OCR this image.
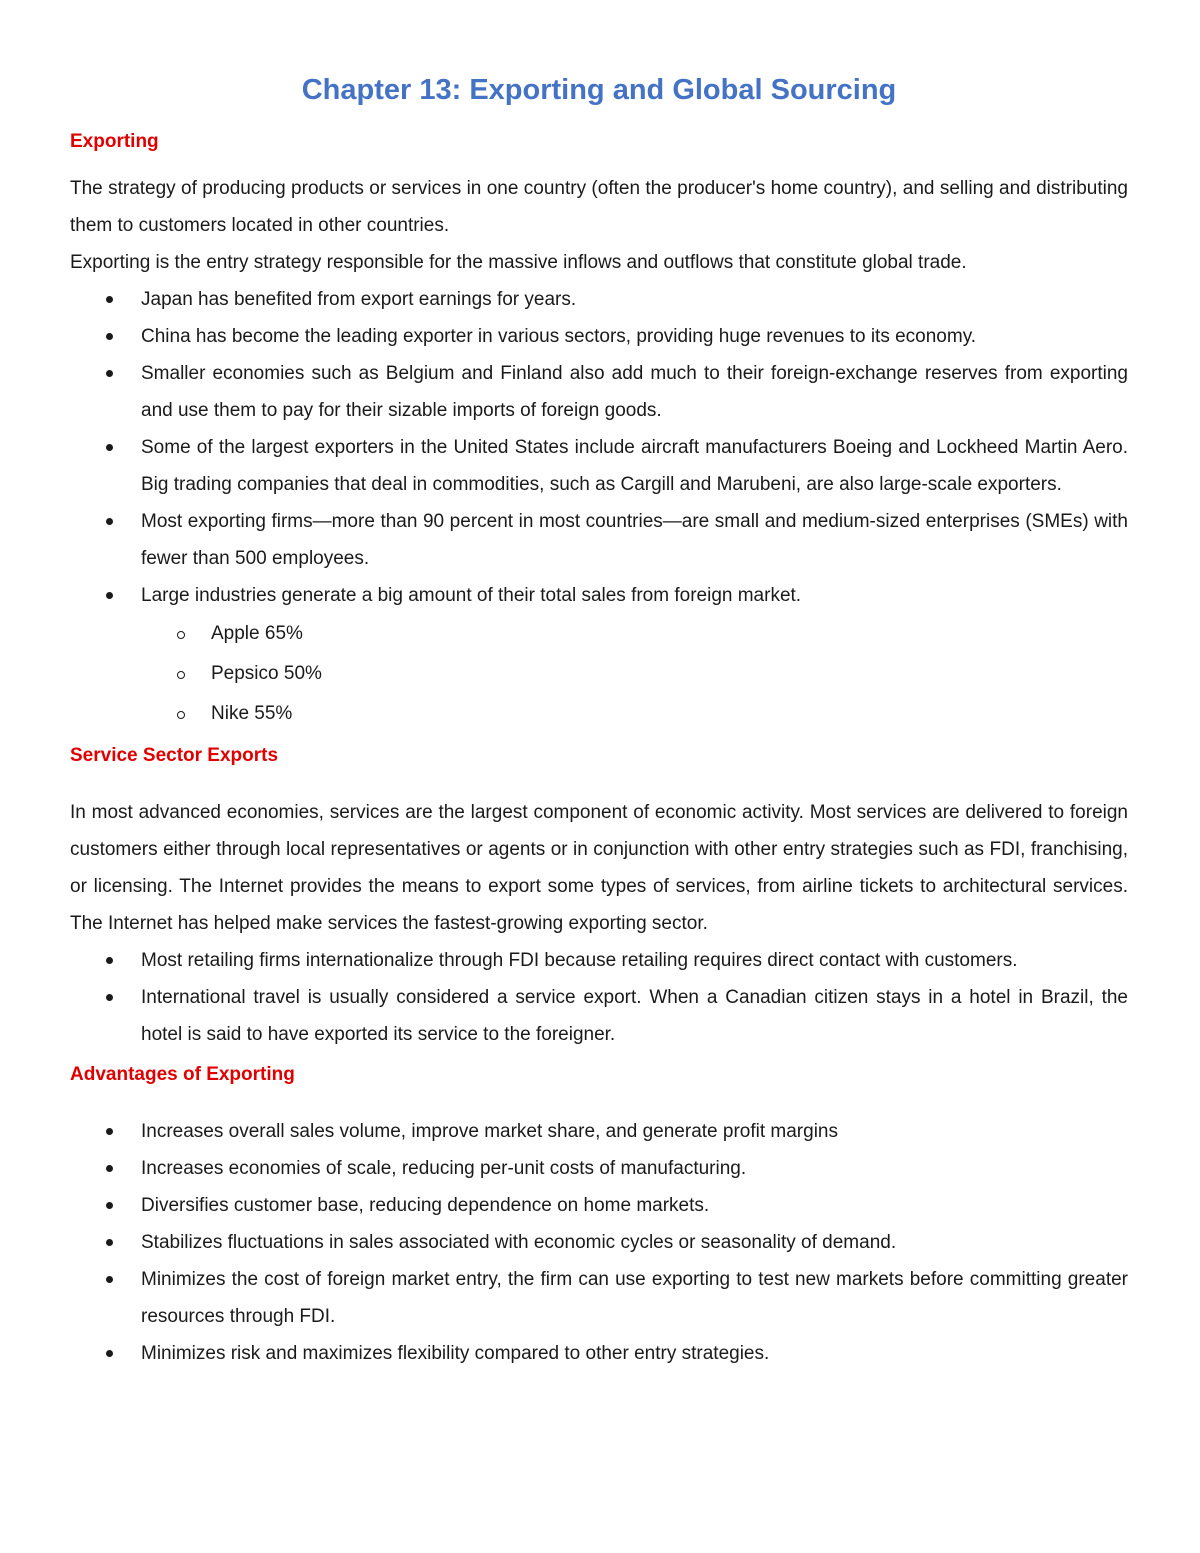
Chapter 13: Exporting and Global Sourcing
Exporting

The strategy of producing products or services in one country (often the producer's home country), and selling and distributing them to customers located in other countries.

Exporting is the entry strategy responsible for the massive inflows and outflows that constitute global trade.

Japan has benefited from export earnings for years.
China has become the leading exporter in various sectors, providing huge revenues to its economy.
Smaller economies such as Belgium and Finland also add much to their foreign-exchange reserves from exporting and use them to pay for their sizable imports of foreign goods.
Some of the largest exporters in the United States include aircraft manufacturers Boeing and Lockheed Martin Aero. Big trading companies that deal in commodities, such as Cargill and Marubeni, are also large-scale exporters.
Most exporting firms—more than 90 percent in most countries—are small and medium-sized enterprises (SMEs) with fewer than 500 employees.
Large industries generate a big amount of their total sales from foreign market.
Apple 65%
Pepsico 50%
Nike 55%
Service Sector Exports

In most advanced economies, services are the largest component of economic activity. Most services are delivered to foreign customers either through local representatives or agents or in conjunction with other entry strategies such as FDI, franchising, or licensing. The Internet provides the means to export some types of services, from airline tickets to architectural services. The Internet has helped make services the fastest-growing exporting sector.

Most retailing firms internationalize through FDI because retailing requires direct contact with customers.
International travel is usually considered a service export. When a Canadian citizen stays in a hotel in Brazil, the hotel is said to have exported its service to the foreigner.
Advantages of Exporting
Increases overall sales volume, improve market share, and generate profit margins
Increases economies of scale, reducing per-unit costs of manufacturing.
Diversifies customer base, reducing dependence on home markets.
Stabilizes fluctuations in sales associated with economic cycles or seasonality of demand.
Minimizes the cost of foreign market entry, the firm can use exporting to test new markets before committing greater resources through FDI.
Minimizes risk and maximizes flexibility compared to other entry strategies.
